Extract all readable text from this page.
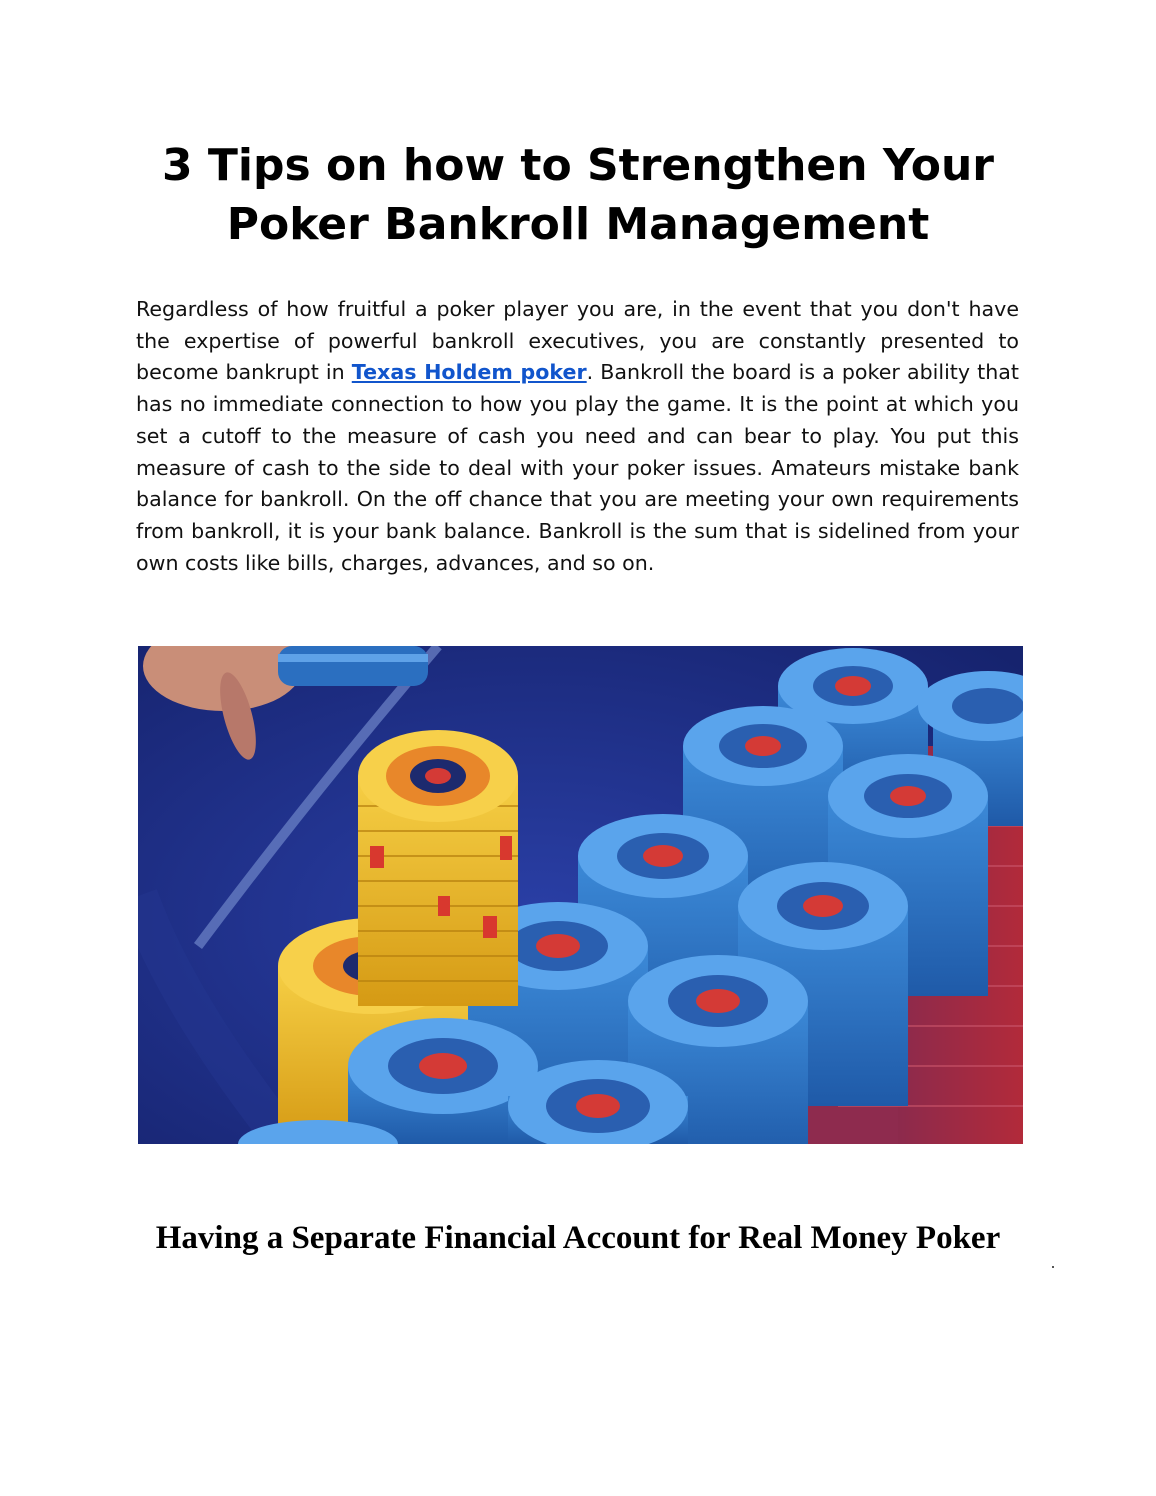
3 Tips on how to Strengthen Your
Poker Bankroll Management

Regardless of how fruitful a poker player you are, in the event that you don't have the expertise of powerful bankroll executives, you are constantly presented to become bankrupt in Texas Holdem poker. Bankroll the board is a poker ability that has no immediate connection to how you play the game. It is the point at which you set a cutoff to the measure of cash you need and can bear to play. You put this measure of cash to the side to deal with your poker issues. Amateurs mistake bank balance for bankroll. On the off chance that you are meeting your own requirements from bankroll, it is your bank balance. Bankroll is the sum that is sidelined from your own costs like bills, charges, advances, and so on.

Having a Separate Financial Account for Real Money Poker
